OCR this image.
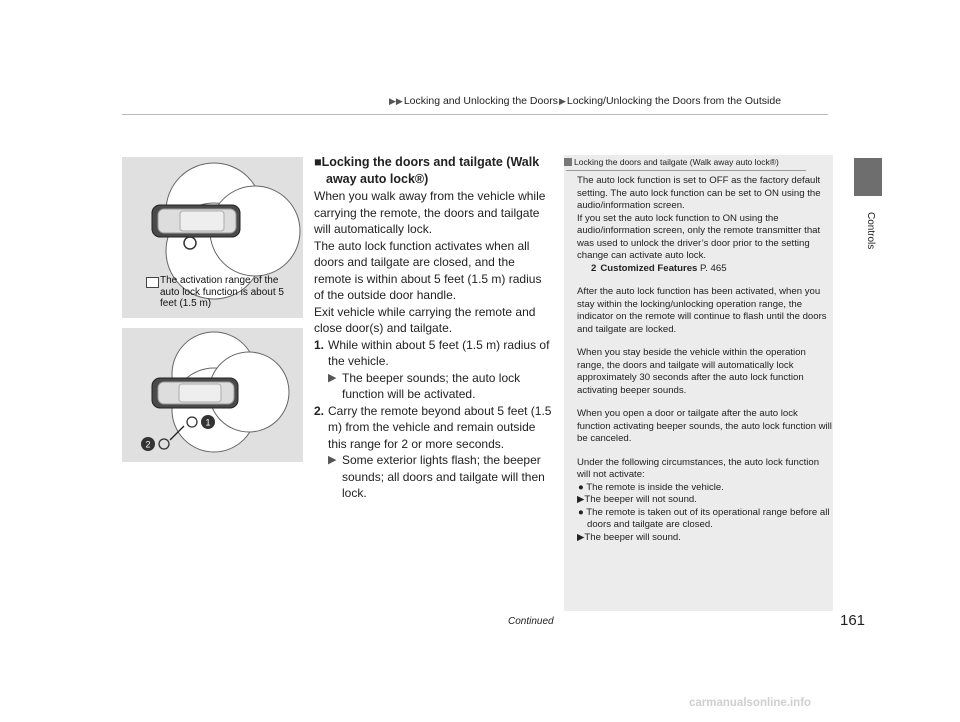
▶▶Locking and Unlocking the Doors▶Locking/Unlocking the Doors from the Outside
Controls
The activation range of the auto lock function is about 5 feet (1.5 m)
1
2
■Locking the doors and tailgate (Walk away auto lock®)

When you walk away from the vehicle while carrying the remote, the doors and tailgate will automatically lock.

The auto lock function activates when all doors and tailgate are closed, and the remote is within about 5 feet (1.5 m) radius of the outside door handle.

Exit vehicle while carrying the remote and close door(s) and tailgate.

1. While within about 5 feet (1.5 m) radius of the vehicle.
▶ The beeper sounds; the auto lock function will be activated.
2. Carry the remote beyond about 5 feet (1.5 m) from the vehicle and remain outside this range for 2 or more seconds.
▶ Some exterior lights flash; the beeper sounds; all doors and tailgate will then lock.
Locking the doors and tailgate (Walk away auto lock®)

The auto lock function is set to OFF as the factory default setting. The auto lock function can be set to ON using the audio/information screen.

If you set the auto lock function to ON using the audio/information screen, only the remote transmitter that was used to unlock the driver’s door prior to the setting change can activate auto lock.

2 Customized Features P. 465

After the auto lock function has been activated, when you stay within the locking/unlocking operation range, the indicator on the remote will continue to flash until the doors and tailgate are locked.

When you stay beside the vehicle within the operation range, the doors and tailgate will automatically lock approximately 30 seconds after the auto lock function activating beeper sounds.

When you open a door or tailgate after the auto lock function activating beeper sounds, the auto lock function will be canceled.

Under the following circumstances, the auto lock function will not activate:

● The remote is inside the vehicle.

▶The beeper will not sound.

● The remote is taken out of its operational range before all doors and tailgate are closed.

▶The beeper will sound.

Continued	161
carmanualsonline.info
